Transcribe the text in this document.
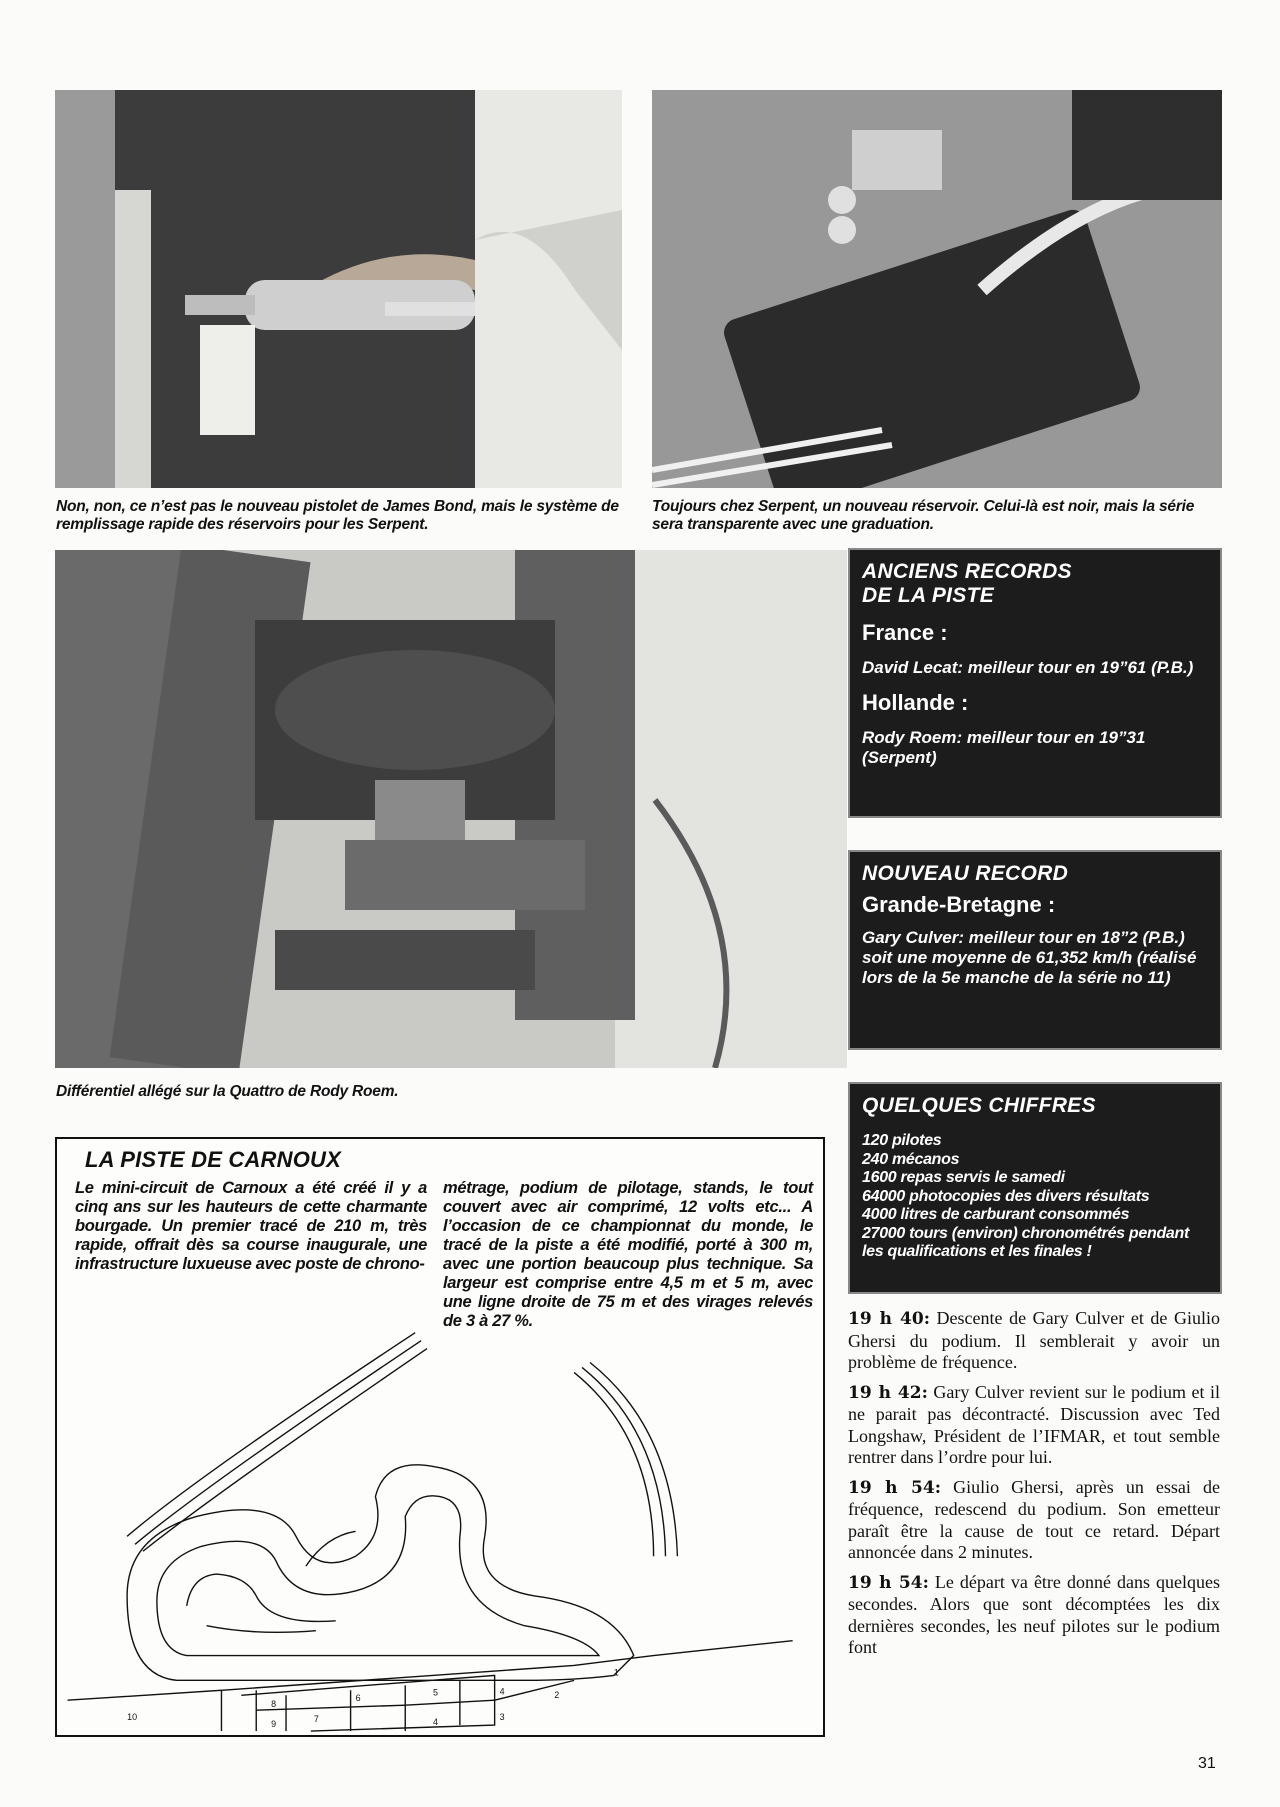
Non, non, ce n’est pas le nouveau pistolet de James Bond, mais le système de remplissage rapide des réservoirs pour les Serpent.
Toujours chez Serpent, un nouveau réservoir. Celui-là est noir, mais la série sera transparente avec une graduation.
Différentiel allégé sur la Quattro de Rody Roem.
ANCIENS RECORDS
DE LA PISTE
France :
David Lecat: meilleur tour en 19”61 (P.B.)
Hollande :
Rody Roem: meilleur tour en 19”31 (Serpent)
NOUVEAU RECORD
Grande-Bretagne :
Gary Culver: meilleur tour en 18”2 (P.B.) soit une moyenne de 61,352 km/h (réalisé lors de la 5e manche de la série no 11)
QUELQUES CHIFFRES
120 pilotes
240 mécanos
1600 repas servis le samedi
64000 photocopies des divers résultats
4000 litres de carburant consommés
27000 tours (environ) chronométrés pendant les qualifications et les finales !

19 h 40: Descente de Gary Culver et de Giulio Ghersi du podium. Il semblerait y avoir un problème de fréquence.

19 h 42: Gary Culver revient sur le podium et il ne parait pas décontracté. Discussion avec Ted Longshaw, Président de l’IFMAR, et tout semble rentrer dans l’ordre pour lui.

19 h 54: Giulio Ghersi, après un essai de fréquence, redescend du podium. Son emetteur paraît être la cause de tout ce retard. Départ annoncée dans 2 minutes.

19 h 54: Le départ va être donné dans quelques secondes. Alors que sont décomptées les dix dernières secondes, les neuf pilotes sur le podium font

LA PISTE DE CARNOUX
Le mini-circuit de Carnoux a été créé il y a cinq ans sur les hauteurs de cette charmante bourgade. Un premier tracé de 210 m, très rapide, offrait dès sa course inaugurale, une infrastructure luxueuse avec poste de chrono-
métrage, podium de pilotage, stands, le tout couvert avec air comprimé, 12 volts etc... A l’occasion de ce championnat du monde, le tracé de la piste a été modifié, porté à 300 m, avec une portion beaucoup plus technique. Sa largeur est comprise entre 4,5 m et 5 m, avec une ligne droite de 75 m et des virages relevés de 3 à 27 %.
1
2
3
4
4
5
6
7
8
9
10
31
